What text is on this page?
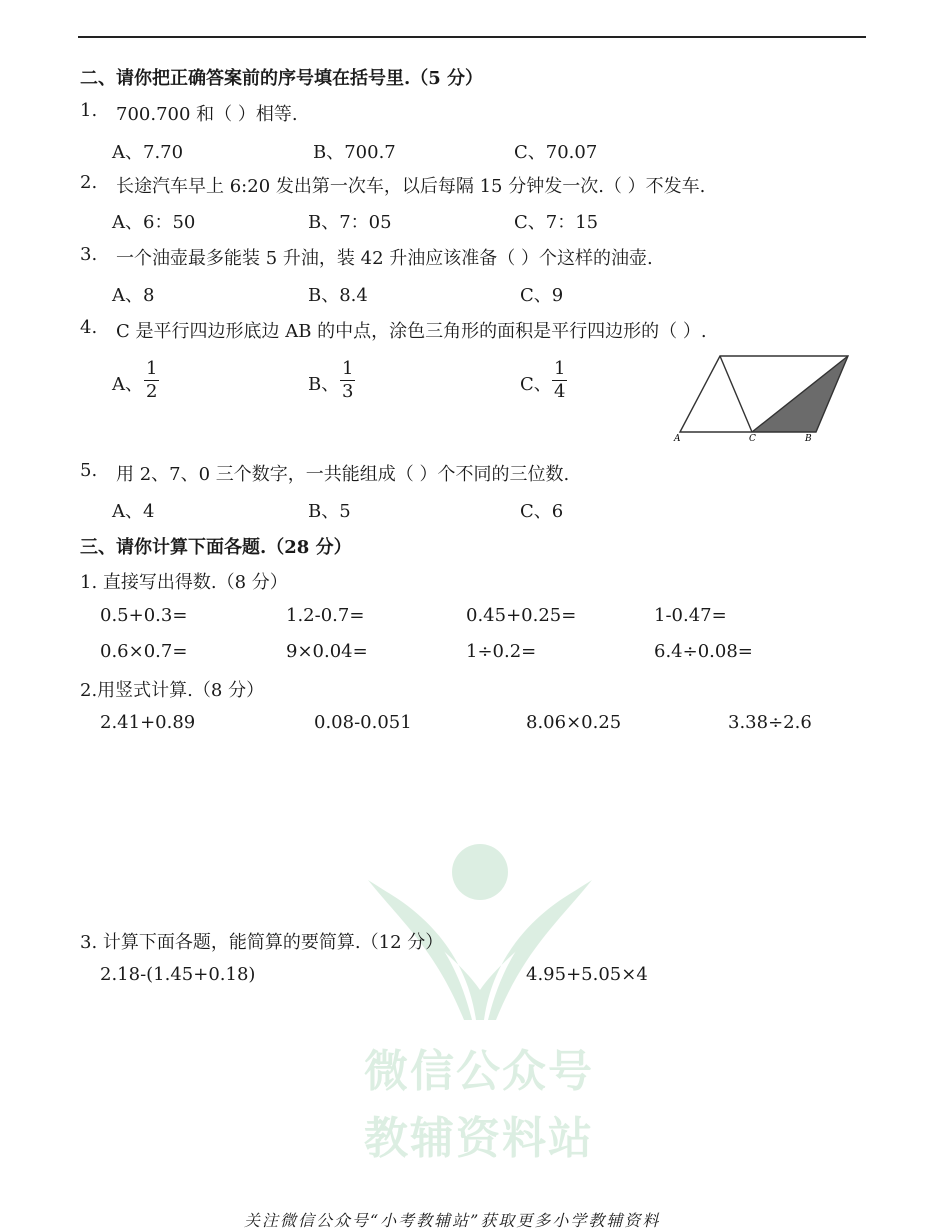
微信公众号
教辅资料站
二、请你把正确答案前的序号填在括号里.（5 分）
1. 700.700 和（ ）相等.
A、7.70	B、700.7	C、70.07
2. 长途汽车早上 6:20 发出第一次车，以后每隔 15 分钟发一次.（ ）不发车.
A、6：50	B、7：05	C、7：15
3. 一个油壶最多能装 5 升油，装 42 升油应该准备（ ）个这样的油壶.
A、8	B、8.4	C、9
4. C 是平行四边形底边 AB 的中点，涂色三角形的面积是平行四边形的（ ）.
A、 $\frac{1}{2}$	B、 $\frac{1}{3}$	C、 $\frac{1}{4}$
A	C	B
5. 用 2、7、0 三个数字，一共能组成（ ）个不同的三位数.
A、4	B、5	C、6
三、请你计算下面各题.（28 分）
1. 直接写出得数.（8 分）
0.5+0.3=	1.2-0.7=	0.45+0.25=	1-0.47=
0.6×0.7=	9×0.04=	1÷0.2=	6.4÷0.08=
2.用竖式计算.（8 分）
2.41+0.89	0.08-0.051	8.06×0.25	3.38÷2.6
3. 计算下面各题，能简算的要简算.（12 分）
2.18-(1.45+0.18)	4.95+5.05×4
关注微信公众号“小考教辅站”获取更多小学教辅资料
